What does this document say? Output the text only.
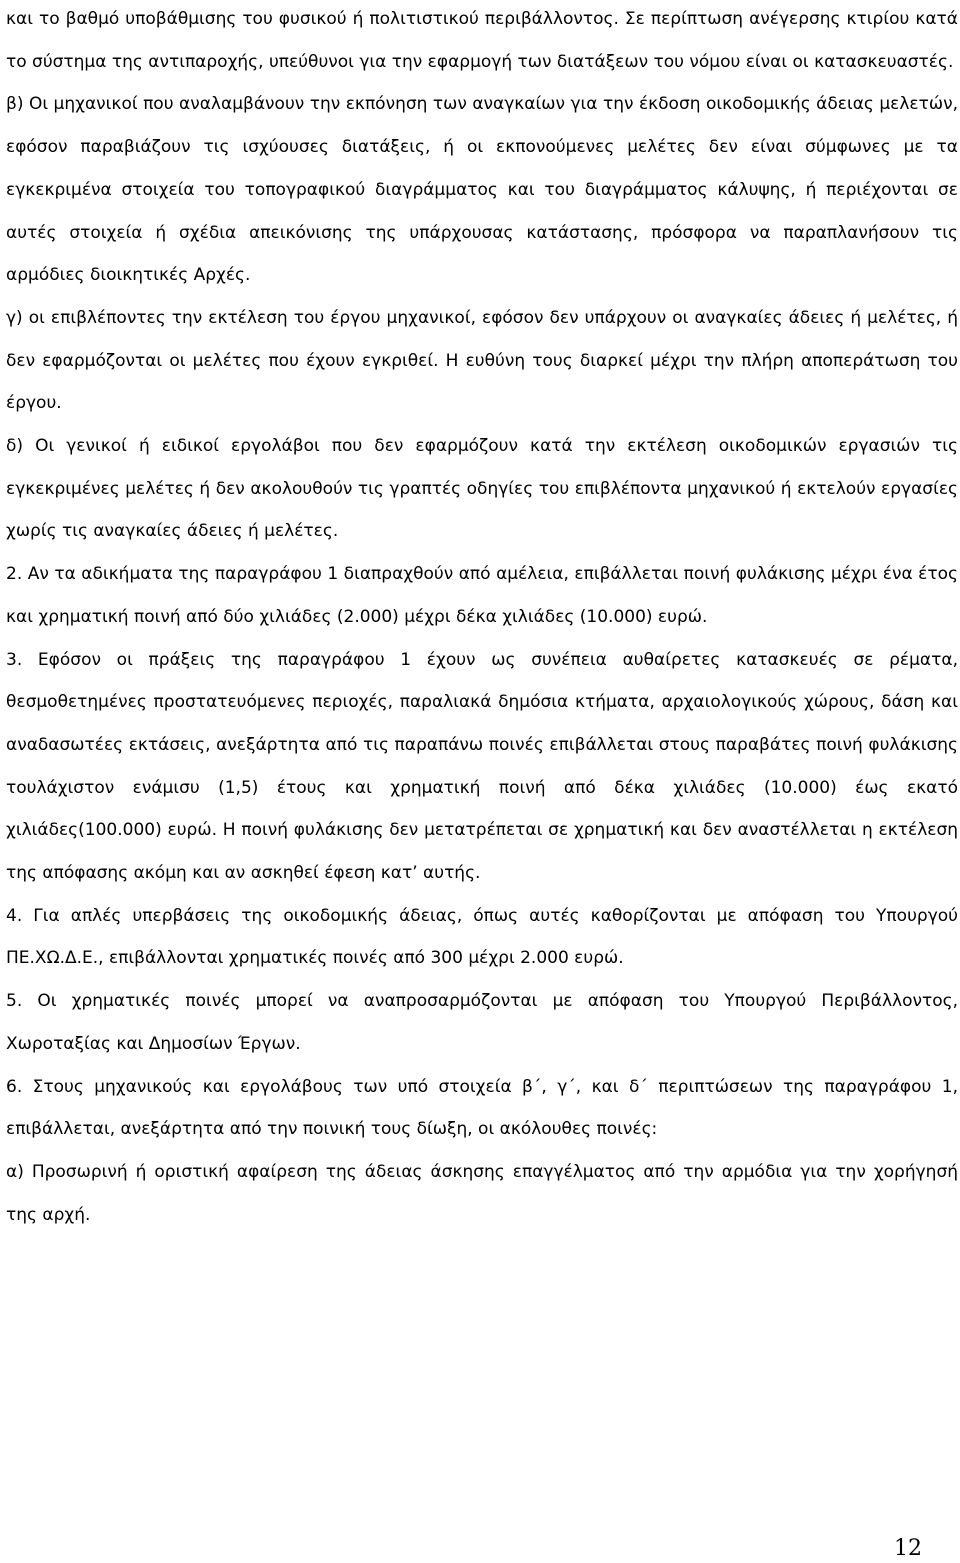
και το βαθμό υποβάθμισης του φυσικού ή πολιτιστικού περιβάλλοντος. Σε περίπτωση ανέγερσης κτιρίου κατά το σύστημα της αντιπαροχής, υπεύθυνοι για την εφαρμογή των διατάξεων του νόμου είναι οι κατασκευαστές.

β) Οι μηχανικοί που αναλαμβάνουν την εκπόνηση των αναγκαίων για την έκδοση οικοδομικής άδειας μελετών, εφόσον παραβιάζουν τις ισχύουσες διατάξεις, ή οι εκπονούμενες μελέτες δεν είναι σύμφωνες με τα εγκεκριμένα στοιχεία του τοπογραφικού διαγράμματος και του διαγράμματος κάλυψης, ή περιέχονται σε αυτές στοιχεία ή σχέδια απεικόνισης της υπάρχουσας κατάστασης, πρόσφορα να παραπλανήσουν τις αρμόδιες διοικητικές Αρχές.

γ) οι επιβλέποντες την εκτέλεση του έργου μηχανικοί, εφόσον δεν υπάρχουν οι αναγκαίες άδειες ή μελέτες, ή δεν εφαρμόζονται οι μελέτες που έχουν εγκριθεί. Η ευθύνη τους διαρκεί μέχρι την πλήρη αποπεράτωση του έργου.

δ) Οι γενικοί ή ειδικοί εργολάβοι που δεν εφαρμόζουν κατά την εκτέλεση οικοδομικών εργασιών τις εγκεκριμένες μελέτες ή δεν ακολουθούν τις γραπτές οδηγίες του επιβλέποντα μηχανικού ή εκτελούν εργασίες χωρίς τις αναγκαίες άδειες ή μελέτες.

2. Αν τα αδικήματα της παραγράφου 1 διαπραχθούν από αμέλεια, επιβάλλεται ποινή φυλάκισης μέχρι ένα έτος και χρηματική ποινή από δύο χιλιάδες (2.000) μέχρι δέκα χιλιάδες (10.000) ευρώ.

3. Εφόσον οι πράξεις της παραγράφου 1 έχουν ως συνέπεια αυθαίρετες κατασκευές σε ρέματα, θεσμοθετημένες προστατευόμενες περιοχές, παραλιακά δημόσια κτήματα, αρχαιολογικούς χώρους, δάση και αναδασωτέες εκτάσεις, ανεξάρτητα από τις παραπάνω ποινές επιβάλλεται στους παραβάτες ποινή φυλάκισης τουλάχιστον ενάμισυ (1,5) έτους και χρηματική ποινή από δέκα χιλιάδες (10.000) έως εκατό χιλιάδες(100.000) ευρώ. Η ποινή φυλάκισης δεν μετατρέπεται σε χρηματική και δεν αναστέλλεται η εκτέλεση της απόφασης ακόμη και αν ασκηθεί έφεση κατ’ αυτής.

4. Για απλές υπερβάσεις της οικοδομικής άδειας, όπως αυτές καθορίζονται με απόφαση του Υπουργού ΠΕ.ΧΩ.Δ.Ε., επιβάλλονται χρηματικές ποινές από 300 μέχρι 2.000 ευρώ.

5. Οι χρηματικές ποινές μπορεί να αναπροσαρμόζονται με απόφαση του Υπουργού Περιβάλλοντος, Χωροταξίας και Δημοσίων Έργων.

6. Στους μηχανικούς και εργολάβους των υπό στοιχεία β΄, γ΄, και δ΄ περιπτώσεων της παραγράφου 1, επιβάλλεται, ανεξάρτητα από την ποινική τους δίωξη, οι ακόλουθες ποινές:

α) Προσωρινή ή οριστική αφαίρεση της άδειας άσκησης επαγγέλματος από την αρμόδια για την χορήγησή της αρχή.

12
